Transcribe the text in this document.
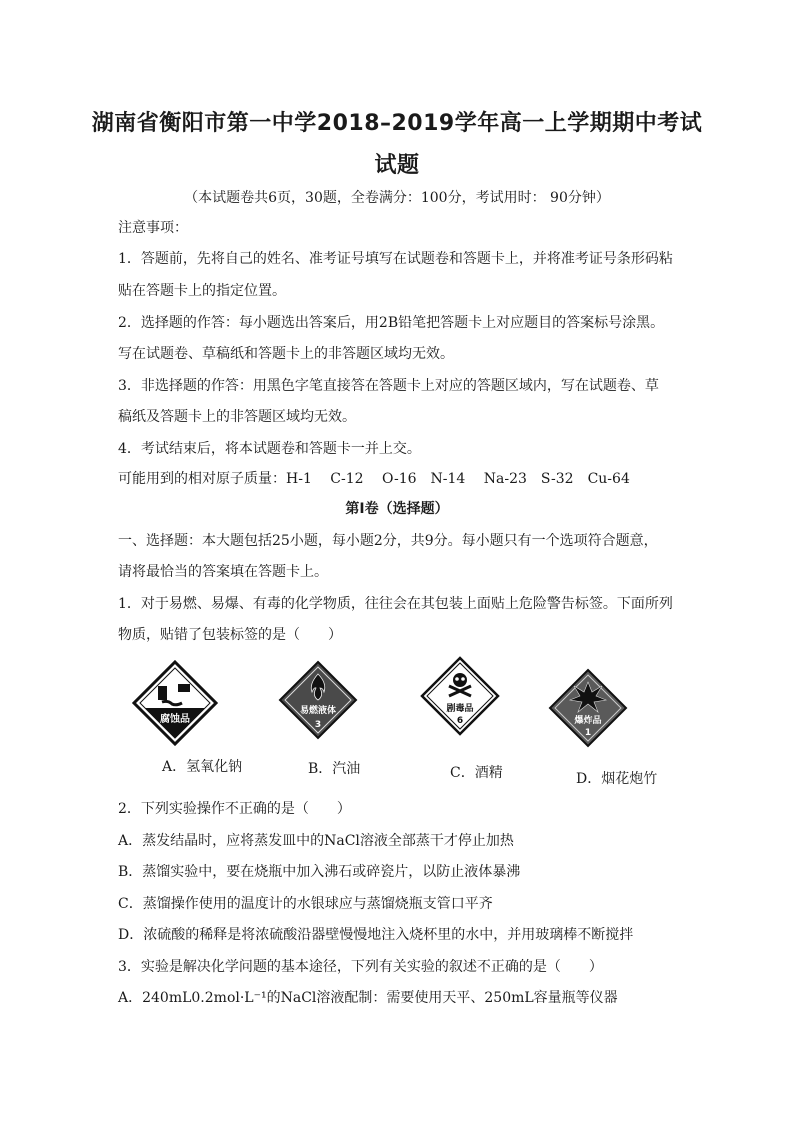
湖南省衡阳市第一中学2018–2019学年高一上学期期中考试
试题
（本试题卷共6页，30题，全卷满分：100分，考试用时： 90分钟）
注意事项：
1．答题前，先将自己的姓名、准考证号填写在试题卷和答题卡上，并将准考证号条形码粘
贴在答题卡上的指定位置。
2．选择题的作答：每小题选出答案后，用2B铅笔把答题卡上对应题目的答案标号涂黑。
写在试题卷、草稿纸和答题卡上的非答题区域均无效。
3．非选择题的作答：用黑色字笔直接答在答题卡上对应的答题区域内，写在试题卷、草
稿纸及答题卡上的非答题区域均无效。
4．考试结束后，将本试题卷和答题卡一并上交。
可能用到的相对原子质量：H-1　 C-12　 O-16　N-14　 Na-23　S-32　Cu-64
第Ⅰ卷（选择题）
一、选择题：本大题包括25小题，每小题2分，共9分。每小题只有一个选项符合题意，
请将最恰当的答案填在答题卡上。
1．对于易燃、易爆、有毒的化学物质，往往会在其包装上面贴上危险警告标签。下面所列
物质，贴错了包装标签的是（　　）
腐蚀品
易燃液体
3
剧毒品
6	爆炸品
1
A．氢氧化钠	B．汽油	C．酒精	D．烟花炮竹
2．下列实验操作不正确的是（　　）
A．蒸发结晶时，应将蒸发皿中的NaCl溶液全部蒸干才停止加热
B．蒸馏实验中，要在烧瓶中加入沸石或碎瓷片，以防止液体暴沸
C．蒸馏操作使用的温度计的水银球应与蒸馏烧瓶支管口平齐
D．浓硫酸的稀释是将浓硫酸沿器壁慢慢地注入烧杯里的水中，并用玻璃棒不断搅拌
3．实验是解决化学问题的基本途径，下列有关实验的叙述不正确的是（　　）
A．240mL0.2mol·L⁻¹的NaCl溶液配制：需要使用天平、250mL容量瓶等仪器
